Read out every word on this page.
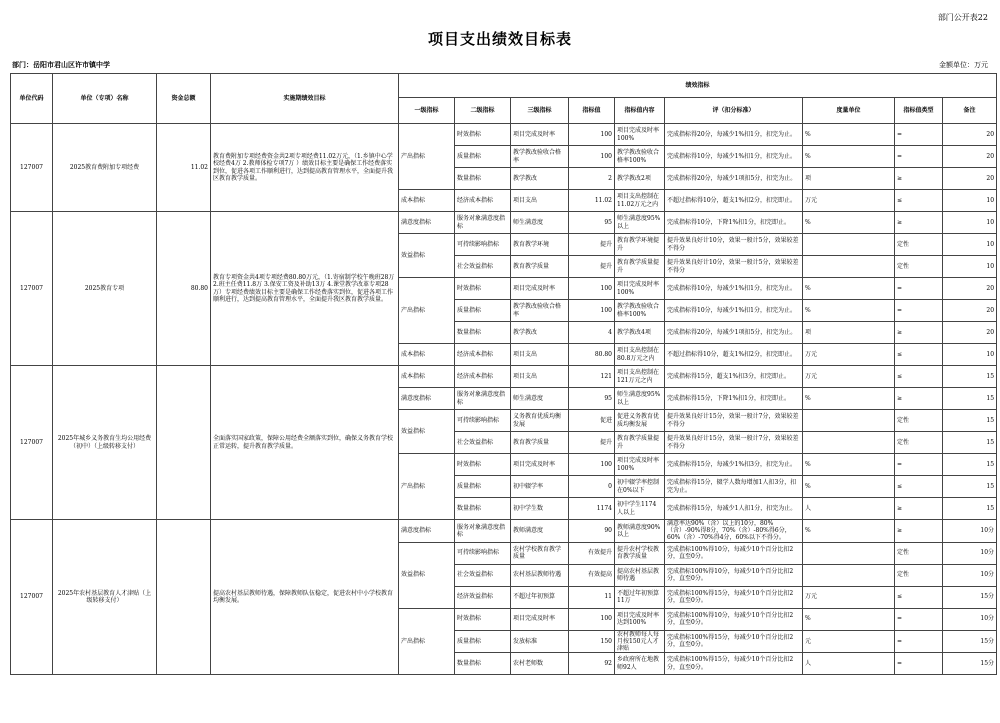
部门公开表22
项目支出绩效目标表
部门：岳阳市君山区许市镇中学	金额单位：万元
单位代码	单位（专项）名称	资金总额	实施期绩效目标	绩效指标								
				一级指标	二级指标	三级指标	指标值	指标值内容	评（扣分标准）	度量单位	指标值类型	备注
127007	2025教育费附加专项经费	11.02	教育费附加专项经费资金共2项专项经费11.02万元，（1.乡镇中心学校经费4万 2.教师体检专项7万 ）绩效目标主要是确保工作经费落实到位，促进各项工作顺利进行，达到提高教育管理水平，全面提升我区教育教学质量。	产出指标	时效指标	项目完成及时率	100	项目完成及时率100%	完成指标得20分，每减少1%扣1分，扣完为止。	%	=	20
					质量指标	教学教改验收合格率	100	教学教改验收合格率100%	完成指标得10分，每减少1%扣1分，扣完为止。	%	=	20
					数量指标	教学教改	2	教学教改2项	完成指标得20分，每减少1项扣5分，扣完为止。	项	≥	20
				成本指标	经济成本指标	项目支出	11.02	项目支出控制在11.02万元之内	不超过指标得10分，超支1%扣2分，扣完即止。	万元	≤	10
127007	2025教育专项	80.80	教育专项资金共4项专项经费80.80万元，（1.寄宿制学校午晚班28万 2.班主任费11.8万 3.保安工资及补助13万 4.课堂教学改革专项28万）专项经费绩效目标主要是确保工作经费落实到位，促进各项工作顺利进行，达到提高教育管理水平，全面提升我区教育教学质量。	满意度指标	服务对象满意度指标	师生满意度	95	师生满意度95%以上	完成指标得10分，下降1%扣1分，扣完即止。	%	≥	10
				效益指标	可持续影响指标	教育教学环境	提升	教育教学环境提升	提升效果良好计10分，效果一般计5分，效果较差不得分		定性	10
					社会效益指标	教育教学质量	提升	教育教学质量提升	提升效果良好计10分，效果一般计5分，效果较差不得分		定性	10
				产出指标	时效指标	项目完成及时率	100	项目完成及时率100%	完成指标得10分，每减少1%扣1分，扣完为止。	%	=	20
					质量指标	教学教改验收合格率	100	教学教改验收合格率100%	完成指标得10分，每减少1%扣1分，扣完为止。	%	=	20
					数量指标	教学教改	4	教学教改4项	完成指标得20分，每减少1项扣5分，扣完为止。	项	≥	20
				成本指标	经济成本指标	项目支出	80.80	项目支出控制在80.8万元之内	不超过指标得10分，超支1%扣2分，扣完即止。	万元	≤	10
127007	2025年城乡义务教育生均公用经费（初中）（上级转移支付）		全面落实国家政策，保障公用经费全额落实到位，确保义务教育学校正常运转，提升教育教学质量。	成本指标	经济成本指标	项目支出	121	项目支出控制在121万元之内	完成指标得15分，超支1%扣3分，扣完即止。	万元	≤	15
				满意度指标	服务对象满意度指标	师生满意度	95	师生满意度95%以上	完成指标得15分，下降1%扣1分，扣完即止。	%	≥	15
				效益指标	可持续影响指标	义务教育优质均衡发展	促进	促进义务教育优质均衡发展	提升效果良好计15分，效果一般计7分，效果较差不得分		定性	15
					社会效益指标	教育教学质量	提升	教育教学质量提升	提升效果良好计15分，效果一般计7分，效果较差不得分		定性	15
				产出指标	时效指标	项目完成及时率	100	项目完成及时率100%	完成指标得15分，每减少1%扣3分，扣完为止。	%	=	15
					质量指标	初中辍学率	0	初中辍学率控制在0%以下	完成指标得15分，辍学人数每增加1人扣3分，扣完为止。	%	≤	15
					数量指标	初中学生数	1174	初中学生1174人以上	完成指标得15分，每减少1人扣1分，扣完为止。	人	≥	15
127007	2025年农村基层教育人才津贴（上级转移支付）		提高农村基层教师待遇，保障教师队伍稳定，促进农村中小学校教育均衡发展。	满意度指标	服务对象满意度指标	教师满意度	90	教师满意度90%以上	满意率达90%（含）以上的10分，80%（含）-90%得8分，70%（含）-80%得6分，60%（含）-70%得4分，60%以下不得分。	%	≥	10分
				效益指标	可持续影响指标	农村学校教育教学质量	有效提升	提升农村学校教育教学质量	完成指标100%得10分，每减少10个百分比扣2分，直至0分。		定性	10分
					社会效益指标	农村基层教师待遇	有效提高	提高农村基层教师待遇	完成指标100%得10分，每减少10个百分比扣2分，直至0分。		定性	10分
					经济效益指标	不超过年初预算	11	不超过年初预算11万	完成指标100%得15分，每减少10个百分比扣2分，直至0分。	万元	≤	15分
				产出指标	时效指标	项目完成及时率	100	项目完成及时率达到100%	完成指标100%得10分，每减少10个百分比扣2分，直至0分。	%	=	10分
					质量指标	发放标准	150	农村教师每人每月按150元人才津贴	完成指标100%得15分，每减少10个百分比扣2分，直至0分。	元	=	15分
					数量指标	农村老师数	92	乡政府所在地教师92人	完成指标100%得15分，每减少10个百分比扣2分，直至0分。	人	=	15分
